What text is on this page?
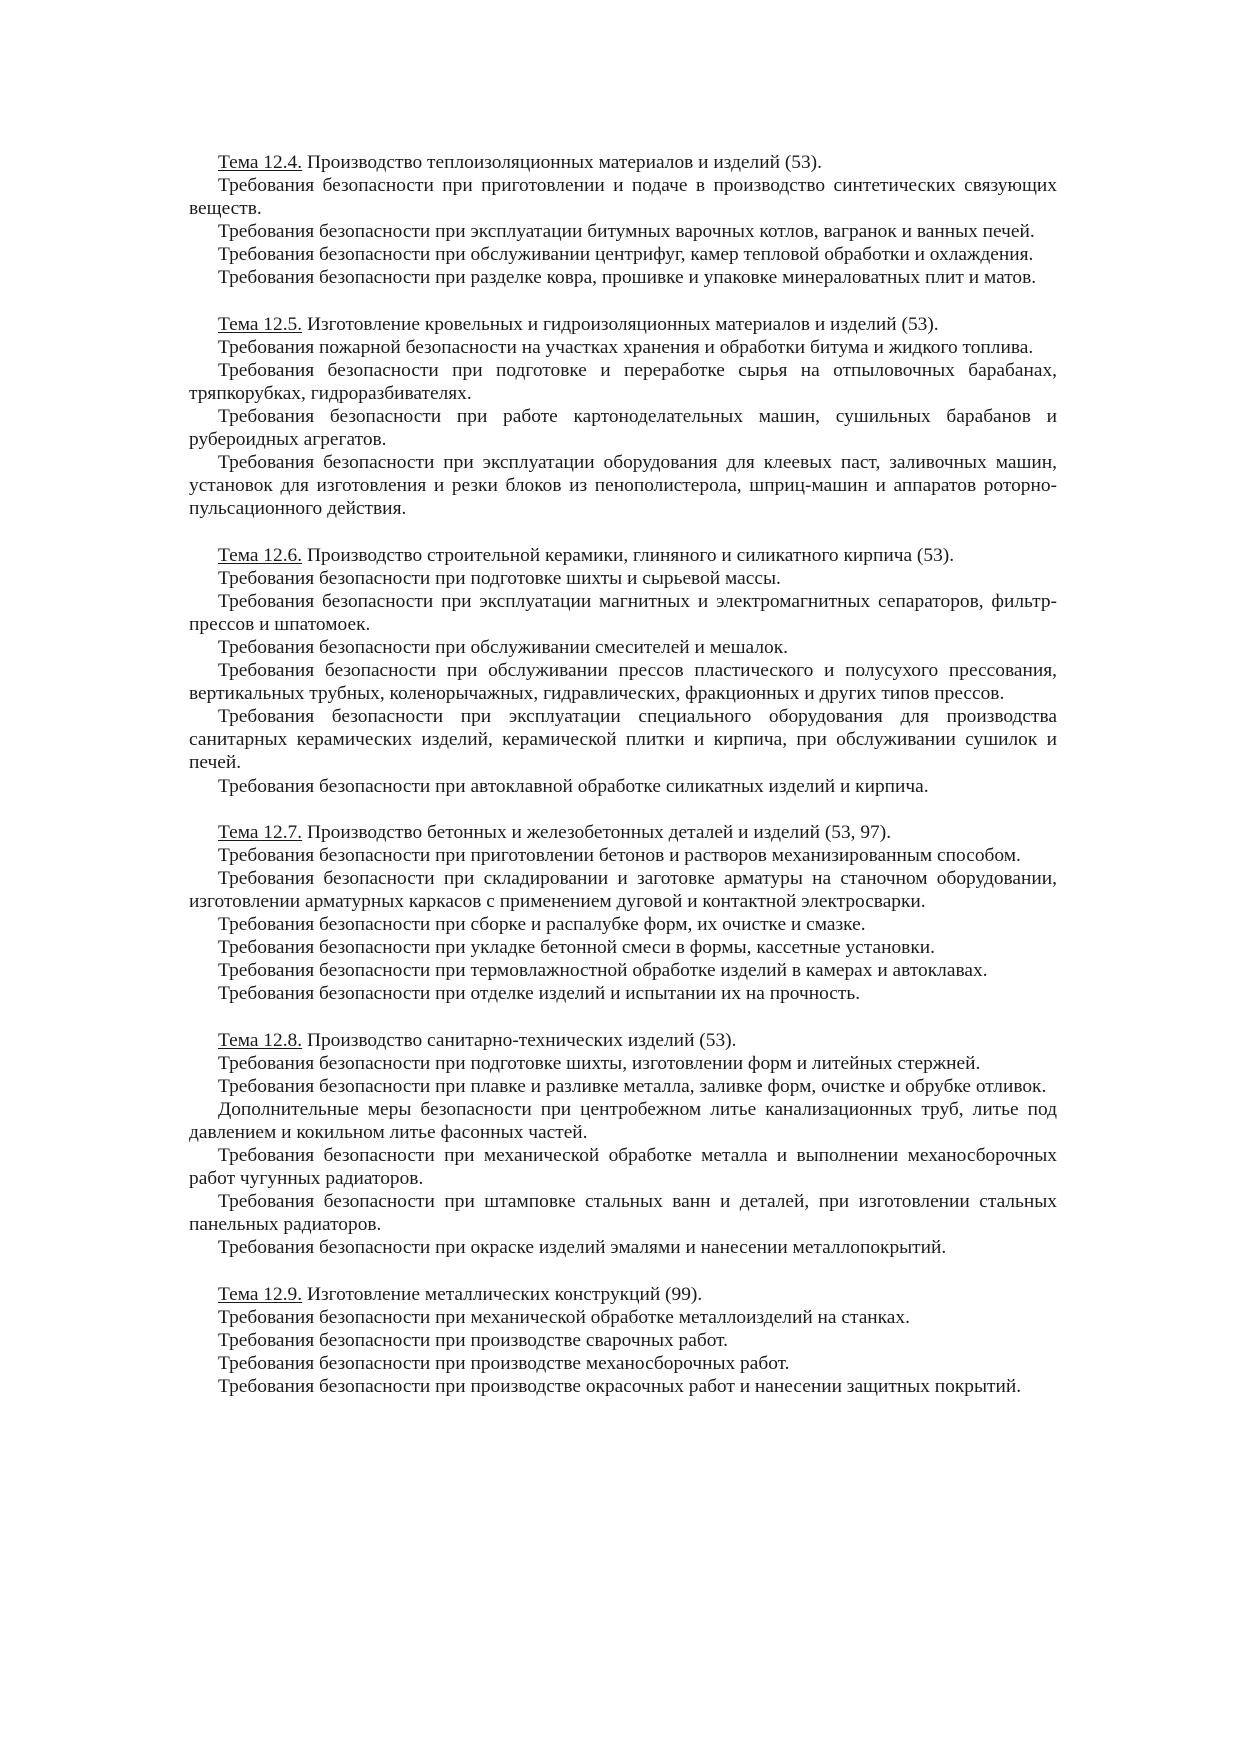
Тема 12.4. Производство теплоизоляционных материалов и изделий (53).

Требования безопасности при приготовлении и подаче в производство синтетических связующих веществ.

Требования безопасности при эксплуатации битумных варочных котлов, вагранок и ванных печей.

Требования безопасности при обслуживании центрифуг, камер тепловой обработки и охлаждения.

Требования безопасности при разделке ковра, прошивке и упаковке минераловатных плит и матов.

Тема 12.5. Изготовление кровельных и гидроизоляционных материалов и изделий (53).

Требования пожарной безопасности на участках хранения и обработки битума и жидкого топлива.

Требования безопасности при подготовке и переработке сырья на отпыловочных барабанах, тряпкорубках, гидроразбивателях.

Требования безопасности при работе картоноделательных машин, сушильных барабанов и рубероидных агрегатов.

Требования безопасности при эксплуатации оборудования для клеевых паст, заливочных машин, установок для изготовления и резки блоков из пенополистерола, шприц-машин и аппаратов роторно-пульсационного действия.

Тема 12.6. Производство строительной керамики, глиняного и силикатного кирпича (53).

Требования безопасности при подготовке шихты и сырьевой массы.

Требования безопасности при эксплуатации магнитных и электромагнитных сепараторов, фильтр-прессов и шпатомоек.

Требования безопасности при обслуживании смесителей и мешалок.

Требования безопасности при обслуживании прессов пластического и полусухого прессования, вертикальных трубных, коленорычажных, гидравлических, фракционных и других типов прессов.

Требования безопасности при эксплуатации специального оборудования для производства санитарных керамических изделий, керамической плитки и кирпича, при обслуживании сушилок и печей.

Требования безопасности при автоклавной обработке силикатных изделий и кирпича.

Тема 12.7. Производство бетонных и железобетонных деталей и изделий (53, 97).

Требования безопасности при приготовлении бетонов и растворов механизированным способом.

Требования безопасности при складировании и заготовке арматуры на станочном оборудовании, изготовлении арматурных каркасов с применением дуговой и контактной электросварки.

Требования безопасности при сборке и распалубке форм, их очистке и смазке.

Требования безопасности при укладке бетонной смеси в формы, кассетные установки.

Требования безопасности при термовлажностной обработке изделий в камерах и автоклавах.

Требования безопасности при отделке изделий и испытании их на прочность.

Тема 12.8. Производство санитарно-технических изделий (53).

Требования безопасности при подготовке шихты, изготовлении форм и литейных стержней.

Требования безопасности при плавке и разливке металла, заливке форм, очистке и обрубке отливок.

Дополнительные меры безопасности при центробежном литье канализационных труб, литье под давлением и кокильном литье фасонных частей.

Требования безопасности при механической обработке металла и выполнении механосборочных работ чугунных радиаторов.

Требования безопасности при штамповке стальных ванн и деталей, при изготовлении стальных панельных радиаторов.

Требования безопасности при окраске изделий эмалями и нанесении металлопокрытий.

Тема 12.9. Изготовление металлических конструкций (99).

Требования безопасности при механической обработке металлоизделий на станках.

Требования безопасности при производстве сварочных работ.

Требования безопасности при производстве механосборочных работ.

Требования безопасности при производстве окрасочных работ и нанесении защитных покрытий.
